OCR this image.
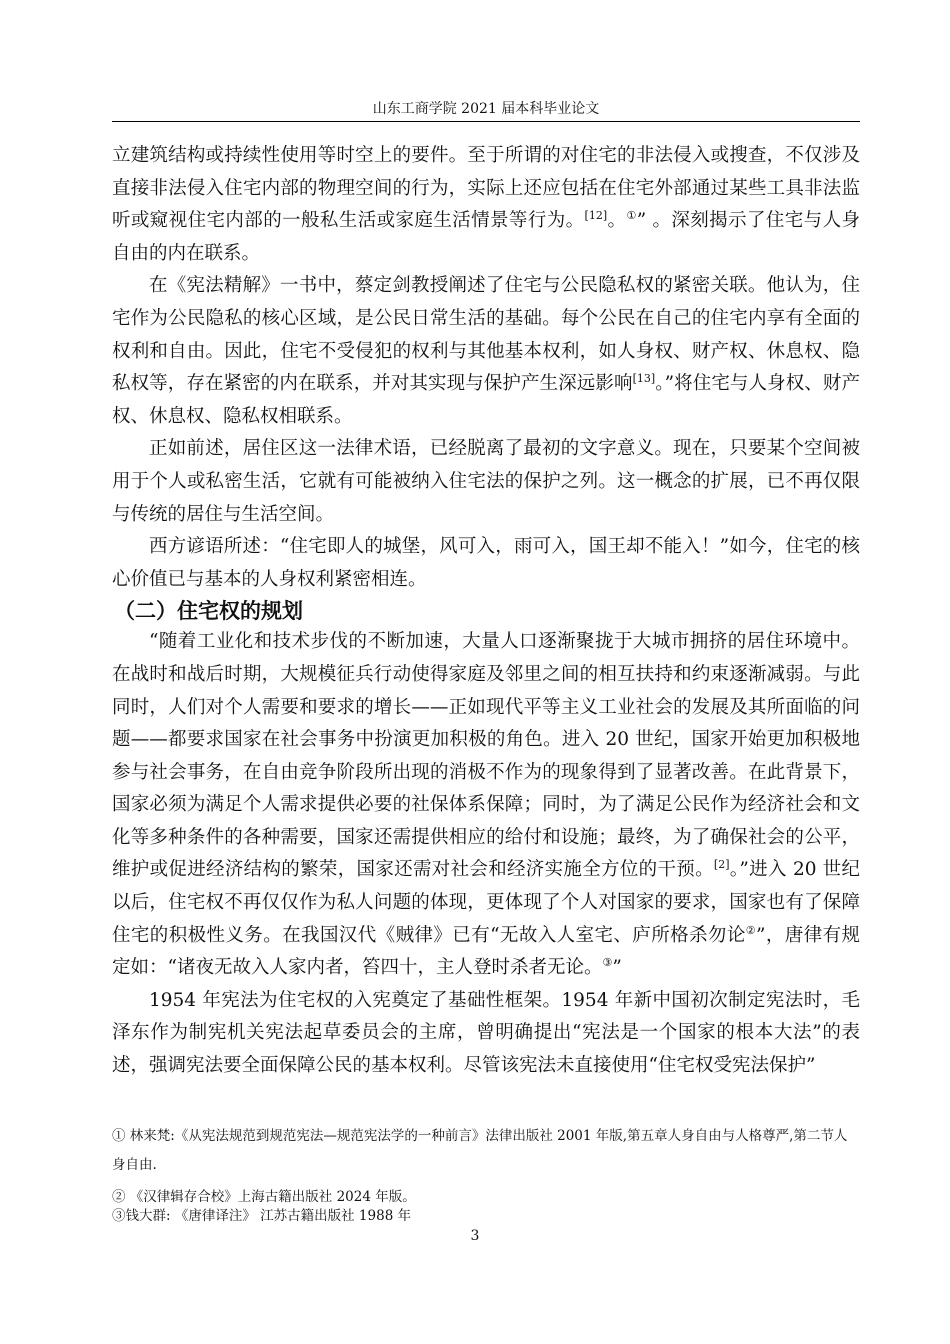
山东工商学院 2021 届本科毕业论文

立建筑结构或持续性使用等时空上的要件。至于所谓的对住宅的非法侵入或搜查，不仅涉及直接非法侵入住宅内部的物理空间的行为，实际上还应包括在住宅外部通过某些工具非法监听或窥视住宅内部的一般私生活或家庭生活情景等行为。[12]。①” 。深刻揭示了住宅与人身自由的内在联系。

在《宪法精解》一书中，蔡定剑教授阐述了住宅与公民隐私权的紧密关联。他认为，住宅作为公民隐私的核心区域，是公民日常生活的基础。每个公民在自己的住宅内享有全面的权利和自由。因此，住宅不受侵犯的权利与其他基本权利，如人身权、财产权、休息权、隐私权等，存在紧密的内在联系，并对其实现与保护产生深远影响[13]。”将住宅与人身权、财产权、休息权、隐私权相联系。

正如前述，居住区这一法律术语，已经脱离了最初的文字意义。现在，只要某个空间被用于个人或私密生活，它就有可能被纳入住宅法的保护之列。这一概念的扩展，已不再仅限与传统的居住与生活空间。

西方谚语所述：“住宅即人的城堡，风可入，雨可入，国王却不能入！”如今，住宅的核心价值已与基本的人身权利紧密相连。

（二）住宅权的规划

“随着工业化和技术步伐的不断加速，大量人口逐渐聚拢于大城市拥挤的居住环境中。在战时和战后时期，大规模征兵行动使得家庭及邻里之间的相互扶持和约束逐渐减弱。与此同时，人们对个人需要和要求的增长——正如现代平等主义工业社会的发展及其所面临的问题——都要求国家在社会事务中扮演更加积极的角色。进入 20 世纪，国家开始更加积极地参与社会事务，在自由竞争阶段所出现的消极不作为的现象得到了显著改善。在此背景下，国家必须为满足个人需求提供必要的社保体系保障；同时，为了满足公民作为经济社会和文化等多种条件的各种需要，国家还需提供相应的给付和设施；最终，为了确保社会的公平，维护或促进经济结构的繁荣，国家还需对社会和经济实施全方位的干预。[2]。”进入 20 世纪以后，住宅权不再仅仅作为私人问题的体现，更体现了个人对国家的要求，国家也有了保障住宅的积极性义务。在我国汉代《贼律》已有“无故入人室宅、庐所格杀勿论②”，唐律有规定如：“诸夜无故入人家内者，笞四十，主人登时杀者无论。③”

1954 年宪法为住宅权的入宪奠定了基础性框架。1954 年新中国初次制定宪法时，毛泽东作为制宪机关宪法起草委员会的主席，曾明确提出“宪法是一个国家的根本大法”的表述，强调宪法要全面保障公民的基本权利。尽管该宪法未直接使用“住宅权受宪法保护”

① 林来梵:《从宪法规范到规范宪法—规范宪法学的一种前言》法律出版社 2001 年版,第五章人身自由与人格尊严,第二节人身自由.

② 《汉律辑存合校》上海古籍出版社 2024 年版。

③钱大群: 《唐律译注》 江苏古籍出版社 1988 年

3
